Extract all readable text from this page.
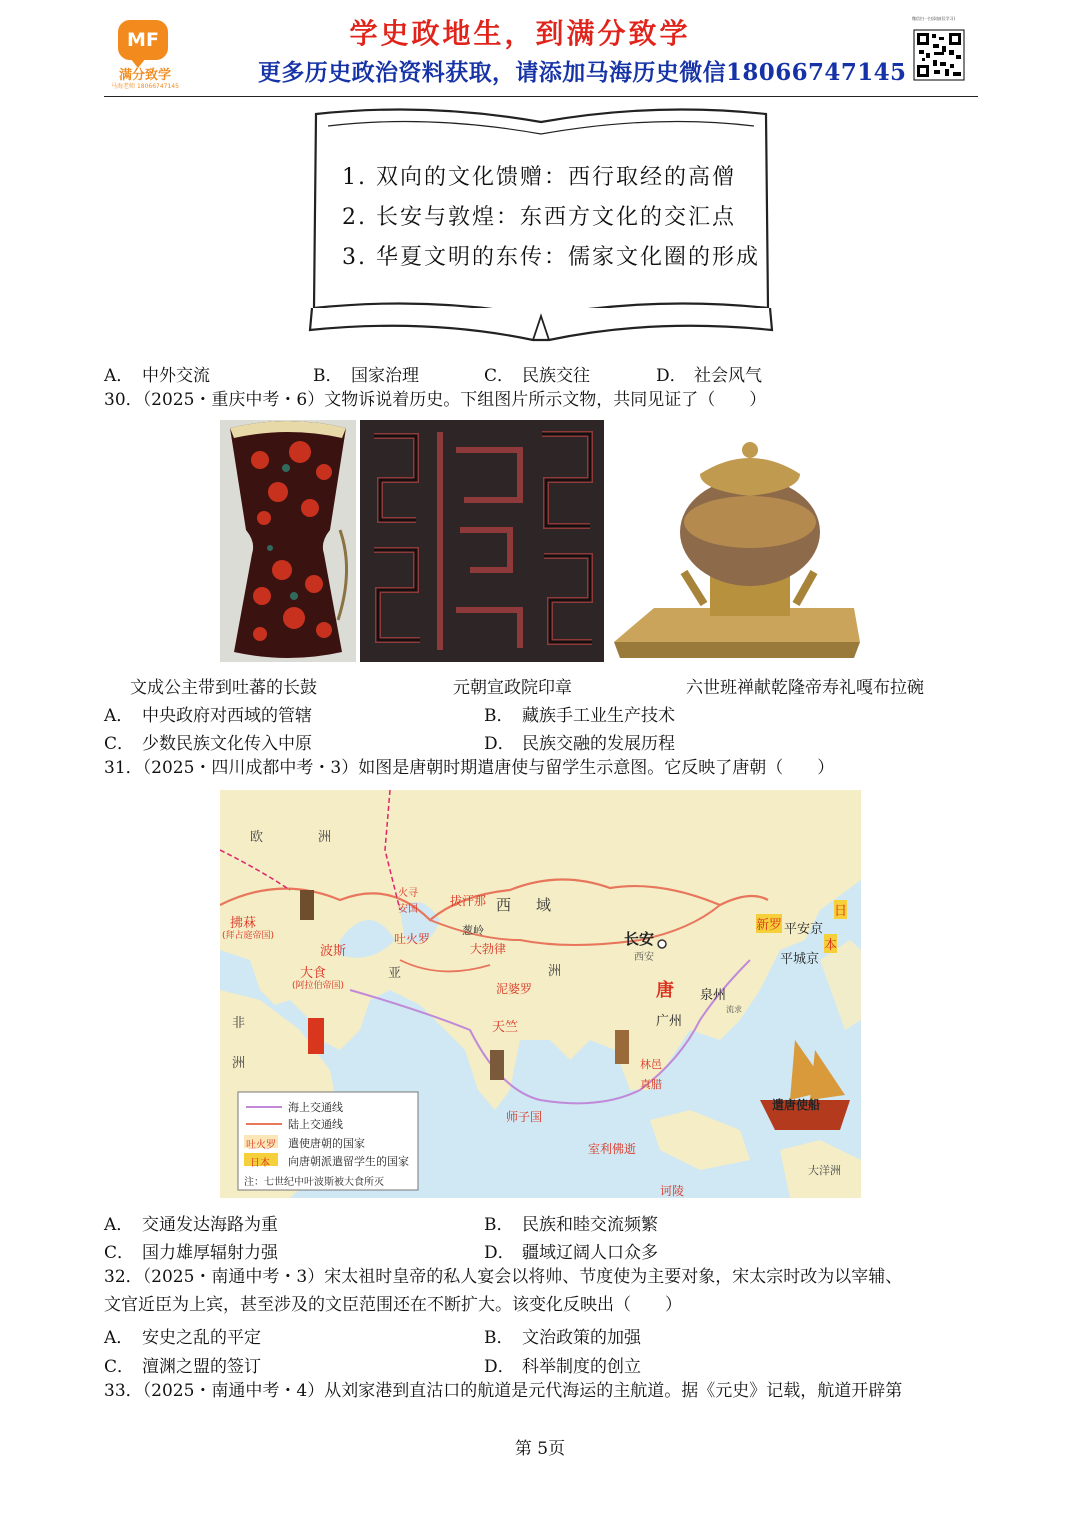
MF
满分致学
马海老师 18066747145
学史政地生，到满分致学
更多历史政治资料获取，请添加马海历史微信18066747145
微信扫一扫添加(仅学习)
1. 双向的文化馈赠：西行取经的高僧
2. 长安与敦煌：东西方文化的交汇点
3. 华夏文明的东传：儒家文化圈的形成
A． 中外交流	B． 国家治理	C． 民族交往	D． 社会风气
30．（2025・重庆中考・6）文物诉说着历史。下组图片所示文物，共同见证了（　　）
文成公主带到吐蕃的长鼓	元朝宣政院印章	六世班禅献乾隆帝寿礼嘎布拉碗
A． 中央政府对西域的管辖	B． 藏族手工业生产技术
C． 少数民族文化传入中原	D． 民族交融的发展历程
31．（2025・四川成都中考・3）如图是唐朝时期遣唐使与留学生示意图。它反映了唐朝（　　）
欧	洲
非
洲
西 域
洲
亚
长安
西安
唐 泉州
广州
流求
平安京
平城京
日
本
新罗
拂菻
(拜占庭帝国)
波斯
大食
(阿拉伯帝国)
吐火罗
火寻
安国
拔汗那
葱岭
大勃律
泥婆罗
天竺
师子国
林邑
真腊
室利佛逝
诃陵
大洋洲
遣唐使船
海上交通线
陆上交通线
吐火罗 遣使唐朝的国家
日本 向唐朝派遣留学生的国家
注：七世纪中叶波斯被大食所灭
A． 交通发达海路为重	B． 民族和睦交流频繁
C． 国力雄厚辐射力强	D． 疆域辽阔人口众多
32．（2025・南通中考・3）宋太祖时皇帝的私人宴会以将帅、节度使为主要对象，宋太宗时改为以宰辅、
文官近臣为上宾，甚至涉及的文臣范围还在不断扩大。该变化反映出（　　）
A． 安史之乱的平定	B． 文治政策的加强
C． 澶渊之盟的签订	D． 科举制度的创立
33．（2025・南通中考・4）从刘家港到直沽口的航道是元代海运的主航道。据《元史》记载，航道开辟第
第 5页
